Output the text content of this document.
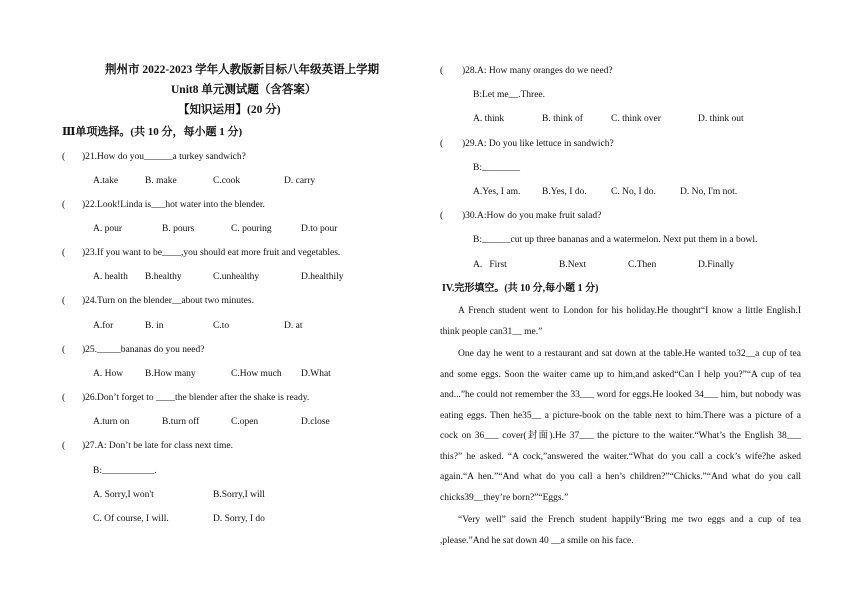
荆州市 2022-2023 学年人教版新目标八年级英语上学期
Unit8 单元测试题（含答案）
【知识运用】(20 分)
Ⅲ单项选择。(共 10 分，每小题 1 分)
( )21.How do you______a turkey sandwich?
A.take	B. make	C.cook	D. carry
( )22.Look!Linda is___hot water into the blender.
A. pour	B. pours	C. pouring	D.to pour
( )23.If you want to be____,you should eat more fruit and vegetables.
A. health B.healthy	C.unhealthy	D.healthily
( )24.Turn on the blender__about two minutes.
A.for	B. in	C.to	D. at
( )25._____bananas do you need?
A. How B.How many	C.How much D.What
( )26.Don’t forget to ____the blender after the shake is ready.
A.turn on	B.turn off	C.open	D.close
( )27.A: Don’t be late for class next time.
B:___________.
A. Sorry,I won't	B.Sorry,I will
C. Of course, I will.	D. Sorry, I do
( )28.A: How many oranges do we need?
B:Let me__.Three.
A. think	B. think of	C. think over	D. think out
( )29.A: Do you like lettuce in sandwich?
B:________
A.Yes, I am. B.Yes, I do.	C. No, I do.	D. No, I'm not.
( )30.A:How do you make fruit salad?
B:______cut up three bananas and a watermelon. Next put them in a bowl.
A.   First	B.Next	C.Then	D.Finally
IV.完形填空。(共 10 分,每小题 1 分)

A French student went to London for his holiday.He thought“I know a little English.I think people can31__ me.”

One day he went to a restaurant and sat down at the table.He wanted to32__a cup of tea and some eggs. Soon the waiter came up to him,and asked“Can I help you?”“A cup of tea and...”he could not remember the 33___ word for eggs.He looked 34___ him, but nobody was eating eggs. Then he35__ a picture-book on the table next to him.There was a picture of a cock on 36___ cover(封面).He 37___ the picture to the waiter.“What’s the English 38___ this?” he asked. “A cock,”answered the waiter.“What do you call a cock’s wife?he asked again.“A hen.”“And what do you call a hen’s children?”“Chicks.”“And what do you call chicks39__they’re born?”“Eggs.”

“Very well” said the French student happily“Bring me two eggs and a cup of tea ,please.”And he sat down 40 __a smile on his face.
